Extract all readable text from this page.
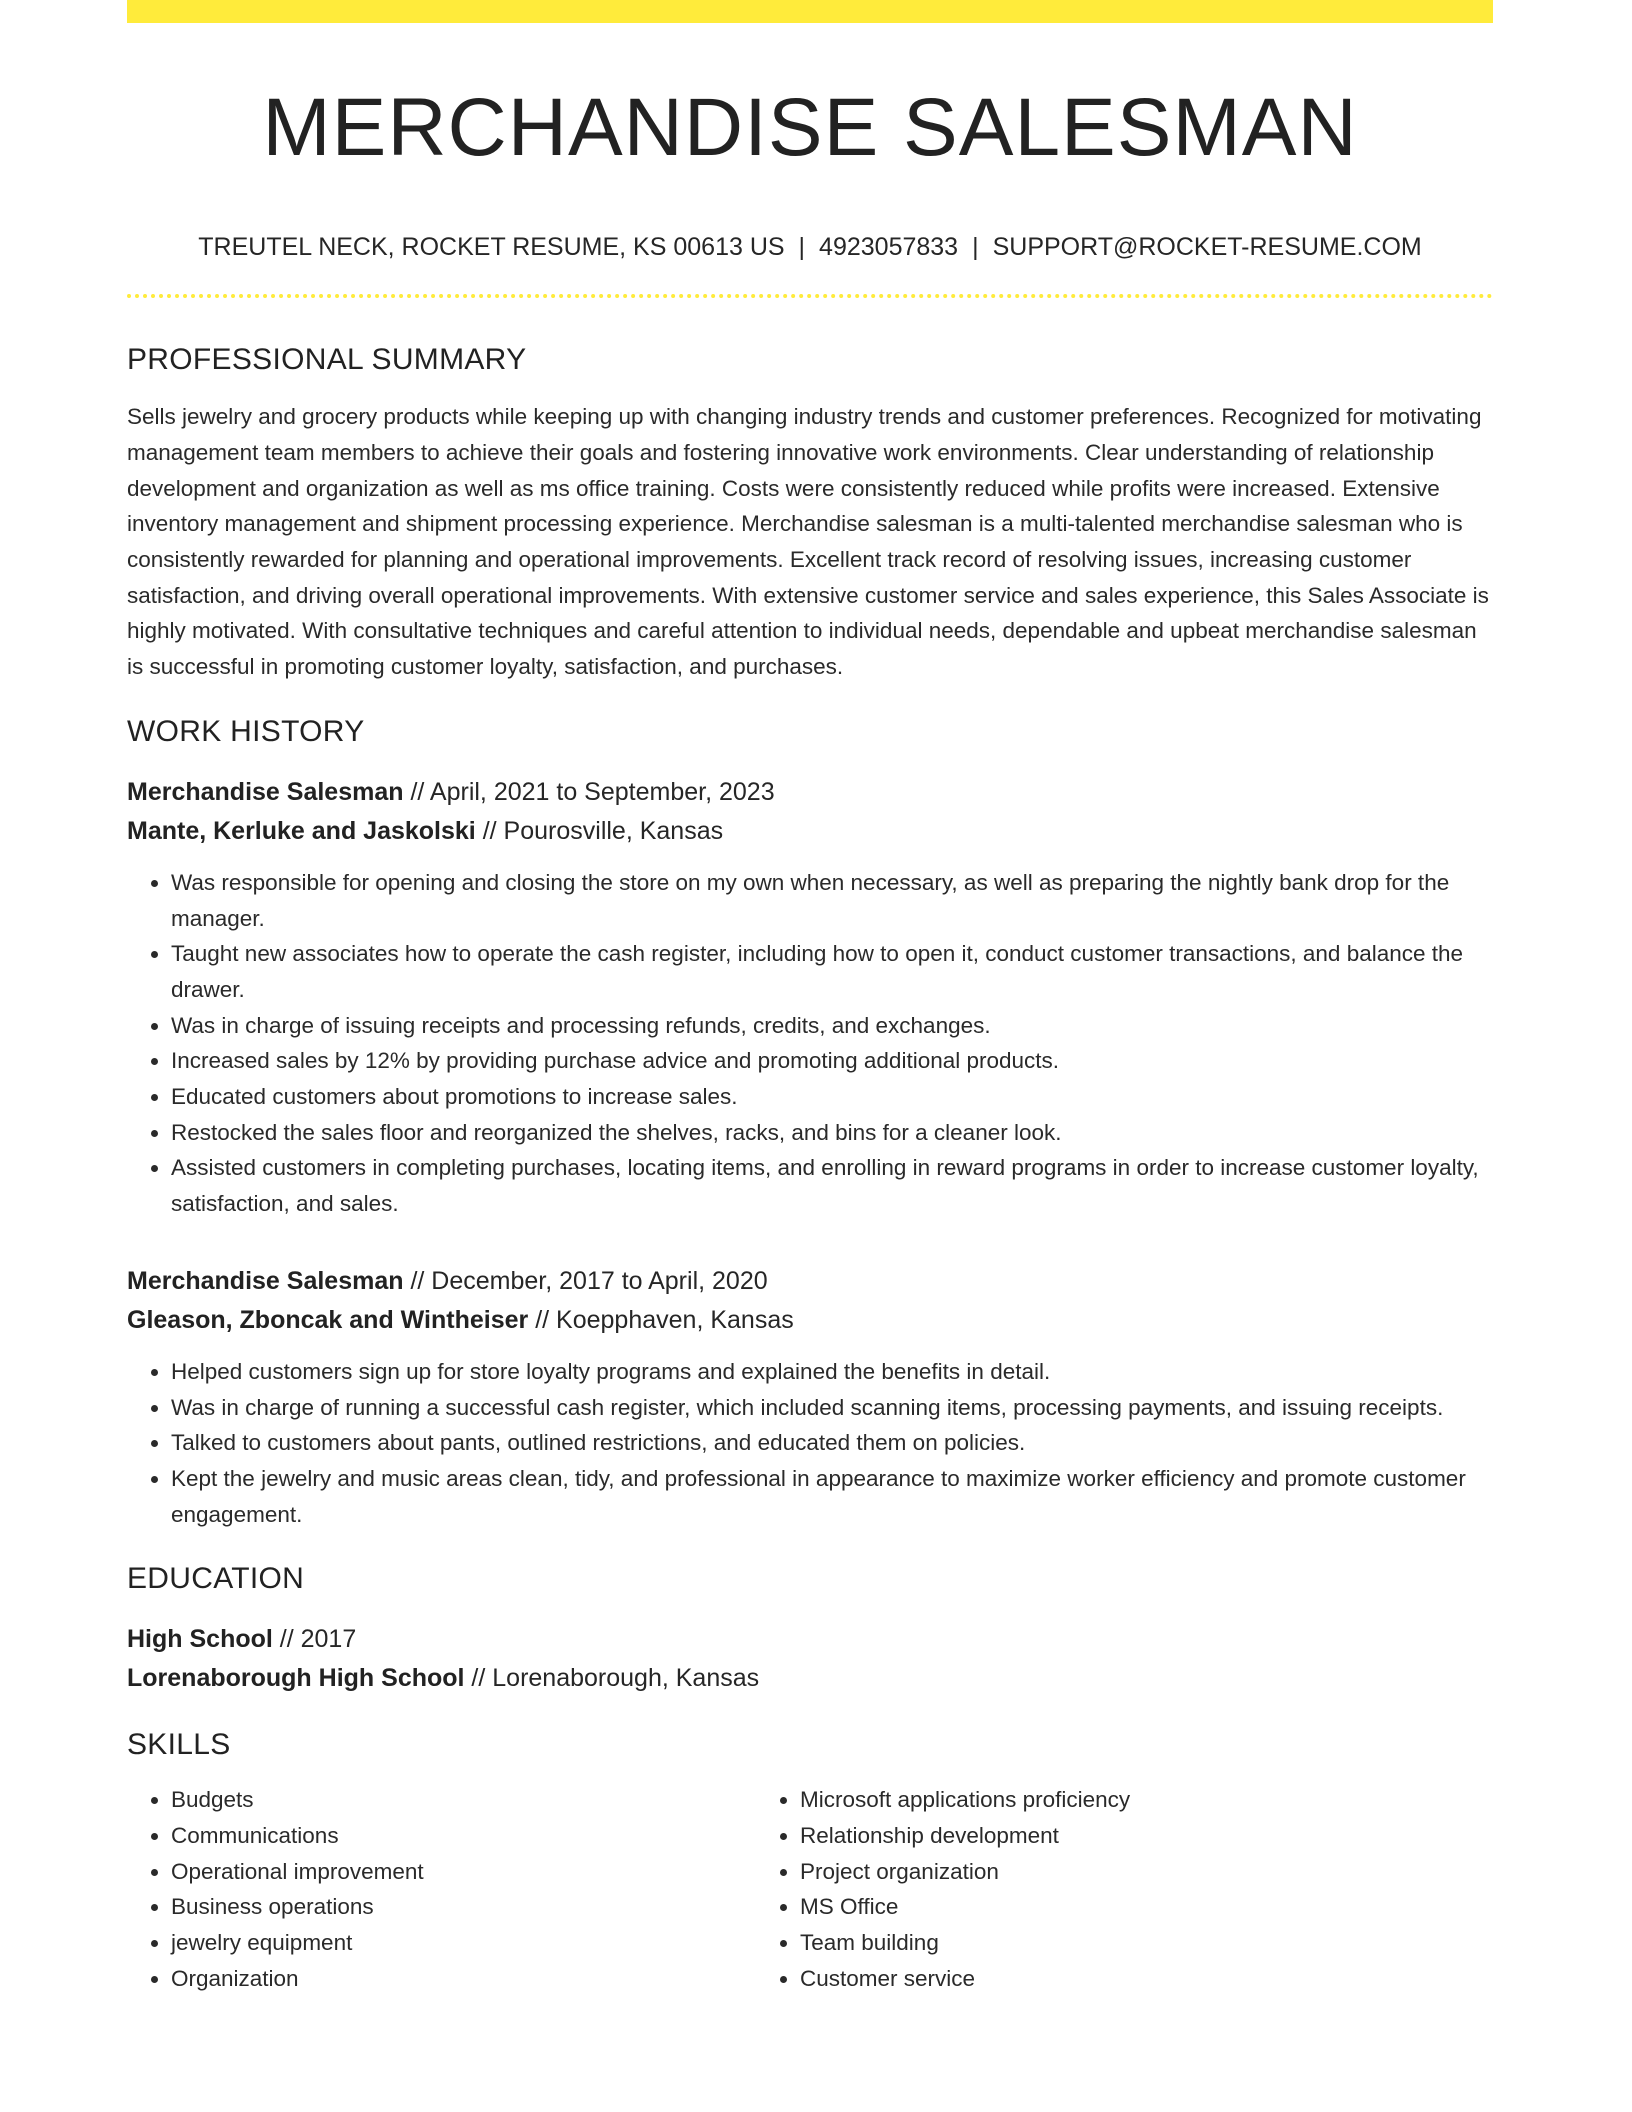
MERCHANDISE SALESMAN
TREUTEL NECK, ROCKET RESUME, KS 00613 US | 4923057833 | SUPPORT@ROCKET-RESUME.COM
PROFESSIONAL SUMMARY

Sells jewelry and grocery products while keeping up with changing industry trends and customer preferences. Recognized for motivating management team members to achieve their goals and fostering innovative work environments. Clear understanding of relationship development and organization as well as ms office training. Costs were consistently reduced while profits were increased. Extensive inventory management and shipment processing experience. Merchandise salesman is a multi-talented merchandise salesman who is consistently rewarded for planning and operational improvements. Excellent track record of resolving issues, increasing customer satisfaction, and driving overall operational improvements. With extensive customer service and sales experience, this Sales Associate is highly motivated. With consultative techniques and careful attention to individual needs, dependable and upbeat merchandise salesman is successful in promoting customer loyalty, satisfaction, and purchases.

WORK HISTORY
Merchandise Salesman // April, 2021 to September, 2023
Mante, Kerluke and Jaskolski // Pourosville, Kansas
• Was responsible for opening and closing the store on my own when necessary, as well as preparing the nightly bank drop for the manager.
• Taught new associates how to operate the cash register, including how to open it, conduct customer transactions, and balance the drawer.
• Was in charge of issuing receipts and processing refunds, credits, and exchanges.
• Increased sales by 12% by providing purchase advice and promoting additional products.
• Educated customers about promotions to increase sales.
• Restocked the sales floor and reorganized the shelves, racks, and bins for a cleaner look.
• Assisted customers in completing purchases, locating items, and enrolling in reward programs in order to increase customer loyalty, satisfaction, and sales.
Merchandise Salesman // December, 2017 to April, 2020
Gleason, Zboncak and Wintheiser // Koepphaven, Kansas
• Helped customers sign up for store loyalty programs and explained the benefits in detail.
• Was in charge of running a successful cash register, which included scanning items, processing payments, and issuing receipts.
• Talked to customers about pants, outlined restrictions, and educated them on policies.
• Kept the jewelry and music areas clean, tidy, and professional in appearance to maximize worker efficiency and promote customer engagement.
EDUCATION
High School // 2017
Lorenaborough High School // Lorenaborough, Kansas
SKILLS
• Budgets
• Communications
• Operational improvement
• Business operations
• jewelry equipment
• Organization
• Microsoft applications proficiency
• Relationship development
• Project organization
• MS Office
• Team building
• Customer service
